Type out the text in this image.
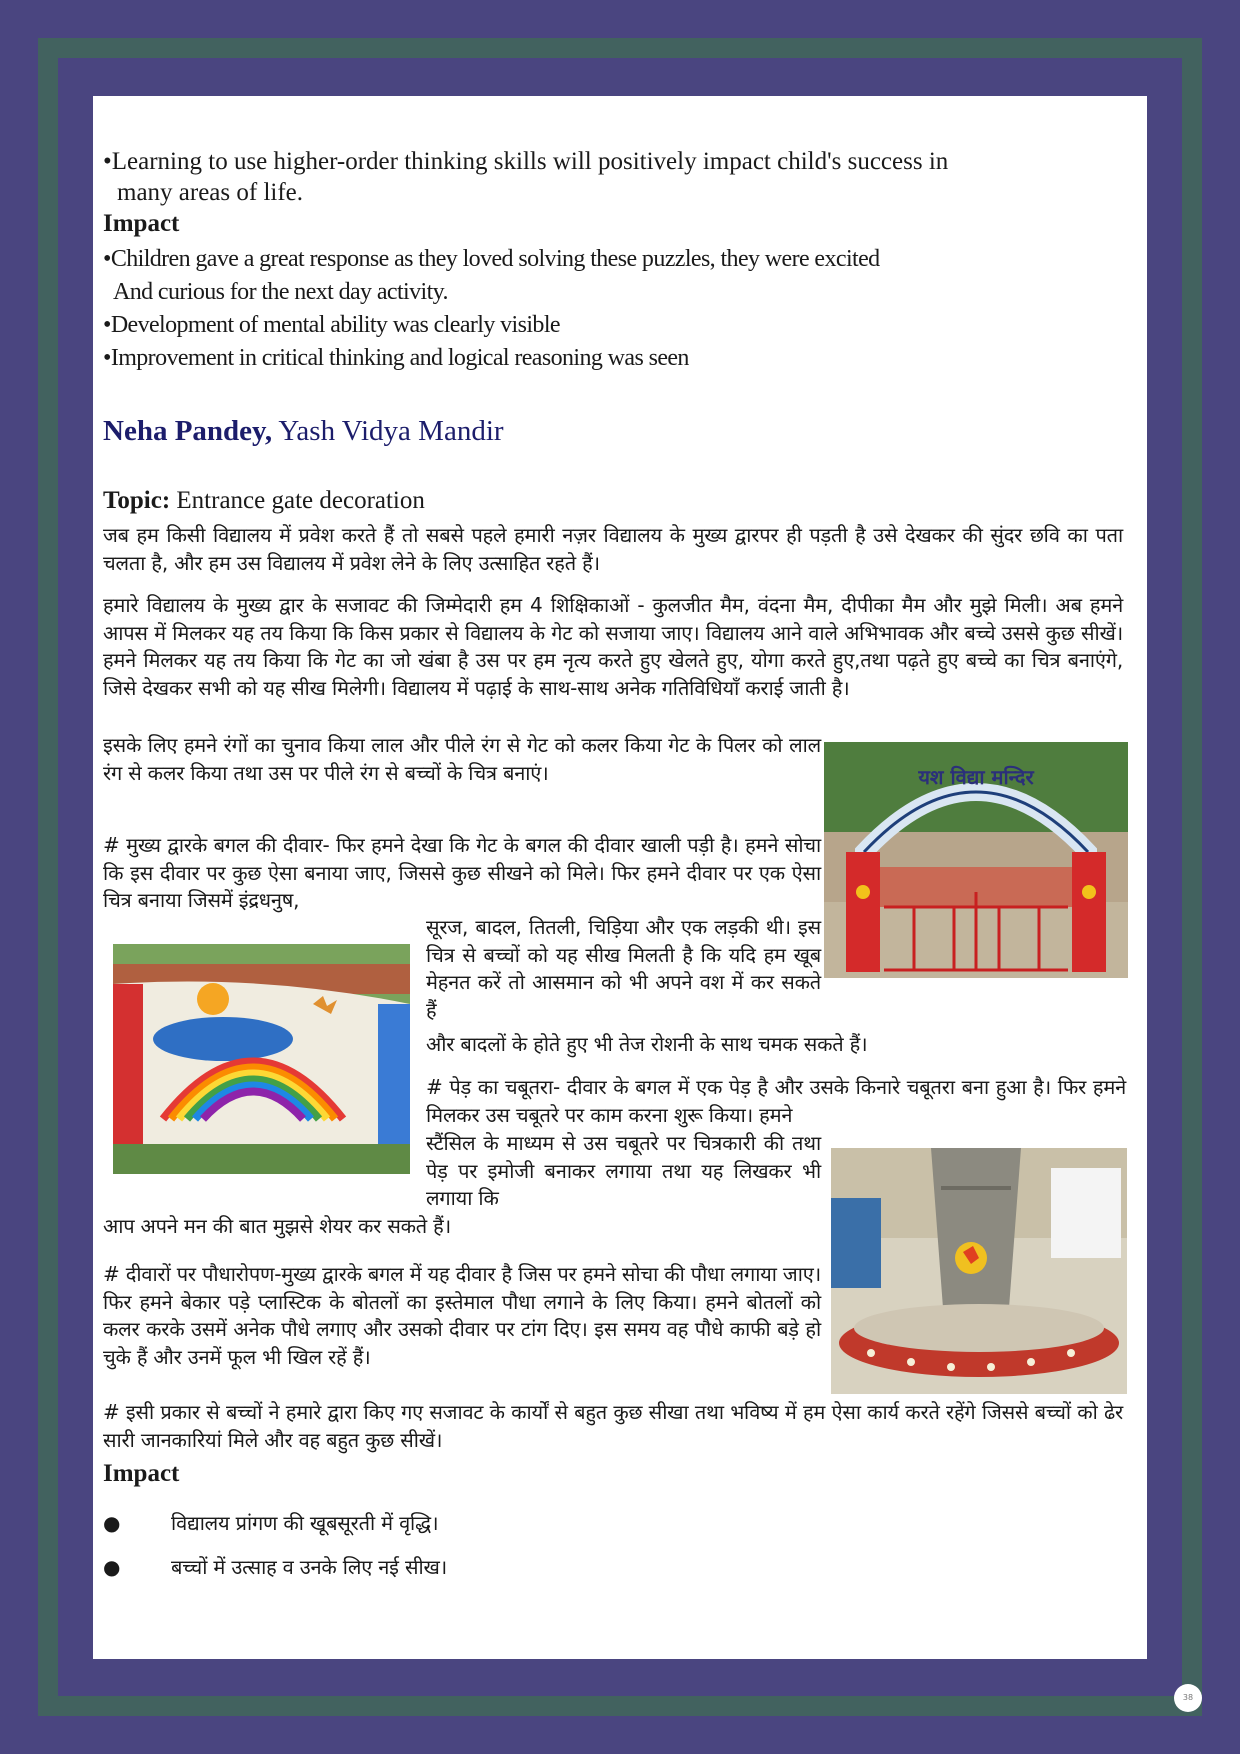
•Learning to use higher-order thinking skills will positively impact child's success in
many areas of life.
Impact
•Children gave a great response as they loved solving these puzzles, they were excited
And curious for the next day activity.
•Development of mental ability was clearly visible
•Improvement in critical thinking and logical reasoning was seen
Neha Pandey, Yash Vidya Mandir
Topic: Entrance gate decoration
जब हम किसी विद्यालय में प्रवेश करते हैं तो सबसे पहले हमारी नज़र विद्यालय के मुख्य द्वारपर ही पड़ती है उसे देखकर की सुंदर छवि का पता चलता है, और हम उस विद्यालय में प्रवेश लेने के लिए उत्साहित रहते हैं।
हमारे विद्यालय के मुख्य द्वार के सजावट की जिम्मेदारी हम 4 शिक्षिकाओं - कुलजीत मैम, वंदना मैम, दीपीका मैम और मुझे मिली। अब हमने आपस में मिलकर यह तय किया कि किस प्रकार से विद्यालय के गेट को सजाया जाए। विद्यालय आने वाले अभिभावक और बच्चे उससे कुछ सीखें। हमने मिलकर यह तय किया कि गेट का जो खंबा है उस पर हम नृत्य करते हुए खेलते हुए, योगा करते हुए,तथा पढ़ते हुए बच्चे का चित्र बनाएंगे, जिसे देखकर सभी को यह सीख मिलेगी। विद्यालय में पढ़ाई के साथ-साथ अनेक गतिविधियाँ कराई जाती है।
इसके लिए हमने रंगों का चुनाव किया लाल और पीले रंग से गेट को कलर किया गेट के पिलर को लाल रंग से कलर किया तथा उस पर पीले रंग से बच्चों के चित्र बनाएं।
# मुख्य द्वारके बगल की दीवार- फिर हमने देखा कि गेट के बगल की दीवार खाली पड़ी है। हमने सोचा कि इस दीवार पर कुछ ऐसा बनाया जाए, जिससे कुछ सीखने को मिले। फिर हमने दीवार पर एक ऐसा चित्र बनाया जिसमें इंद्रधनुष,
सूरज, बादल, तितली, चिड़िया और एक लड़की थी। इस चित्र से बच्चों को यह सीख मिलती है कि यदि हम खूब मेहनत करें तो आसमान को भी अपने वश में कर सकते हैं
और बादलों के होते हुए भी तेज रोशनी के साथ चमक सकते हैं।
# पेड़ का चबूतरा- दीवार के बगल में एक पेड़ है और उसके किनारे चबूतरा बना हुआ है। फिर हमने मिलकर उस चबूतरे पर काम करना शुरू किया। हमने
स्टैंसिल के माध्यम से उस चबूतरे पर चित्रकारी की तथा पेड़ पर इमोजी बनाकर लगाया तथा यह लिखकर भी लगाया कि
आप अपने मन की बात मुझसे शेयर कर सकते हैं।
# दीवारों पर पौधारोपण-मुख्य द्वारके बगल में यह दीवार है जिस पर हमने सोचा की पौधा लगाया जाए। फिर हमने बेकार पड़े प्लास्टिक के बोतलों का इस्तेमाल पौधा लगाने के लिए किया। हमने बोतलों को कलर करके उसमें अनेक पौधे लगाए और उसको दीवार पर टांग दिए। इस समय वह पौधे काफी बड़े हो चुके हैं और उनमें फूल भी खिल रहें हैं।
# इसी प्रकार से बच्चों ने हमारे द्वारा किए गए सजावट के कार्यों से बहुत कुछ सीखा तथा भविष्य में हम ऐसा कार्य करते रहेंगे जिससे बच्चों को ढेर सारी जानकारियां मिले और वह बहुत कुछ सीखें।
Impact
●	विद्यालय प्रांगण की खूबसूरती में वृद्धि।
●	बच्चों में उत्साह व उनके लिए नई सीख।
यश विद्या मन्दिर
38
